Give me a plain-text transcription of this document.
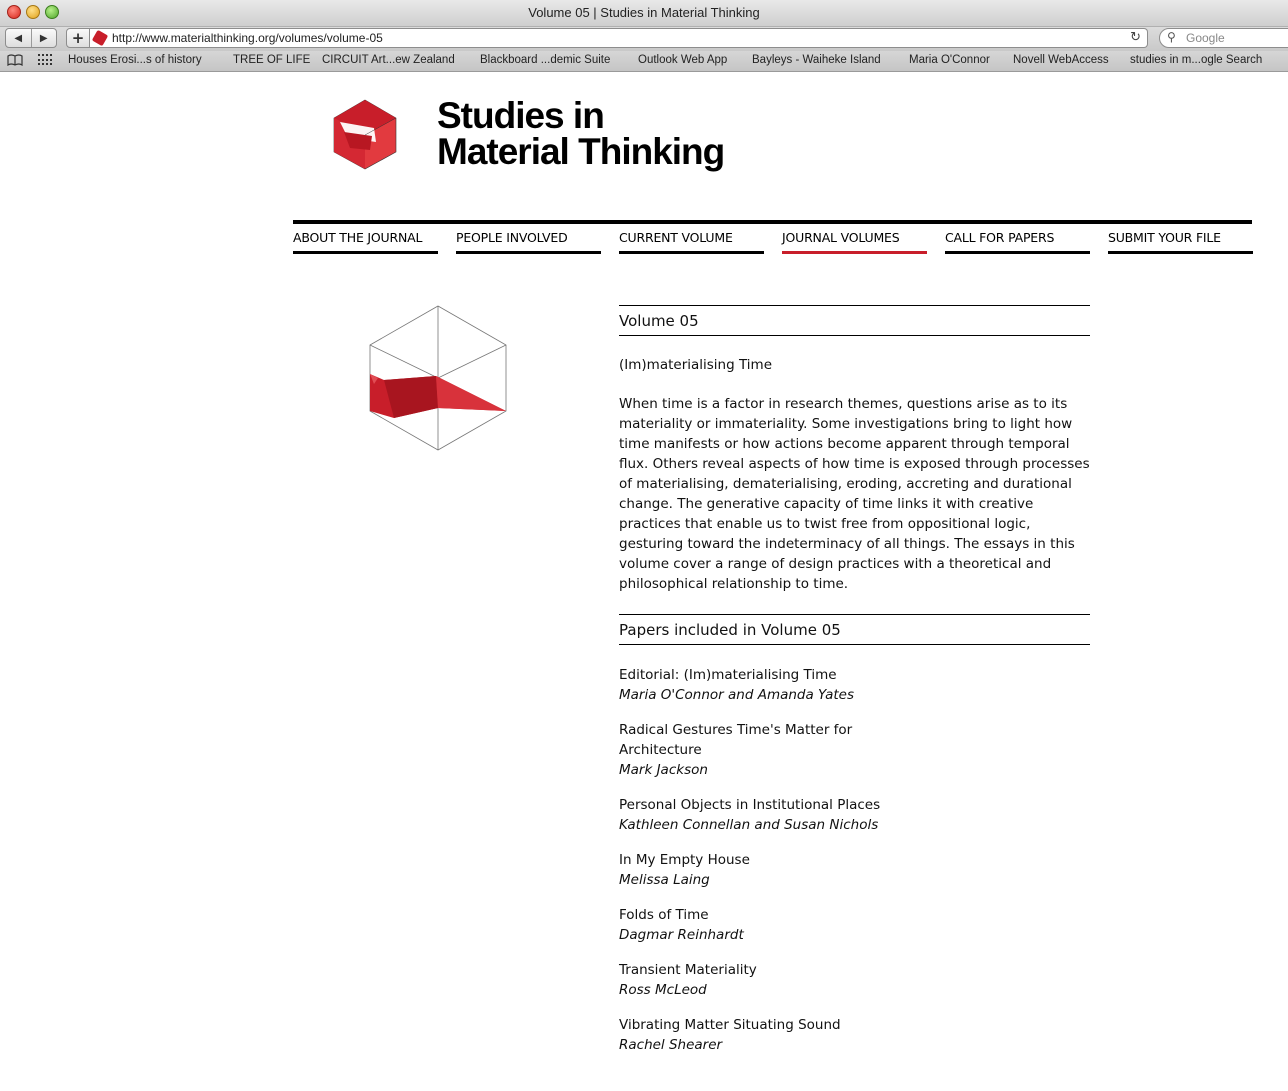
Volume 05 | Studies in Material Thinking
◀	▶	+	http://www.materialthinking.org/volumes/volume-05	↻ ⚲ Google
Houses Erosi...s of history	TREE OF LIFE CIRCUIT Art...ew Zealand Blackboard ...demic Suite Outlook Web App Bayleys - Waiheke Island Maria O'Connor Novell WebAccess studies in m...ogle Search
Studies in
Material Thinking
ABOUT THE JOURNAL	PEOPLE INVOLVED	CURRENT VOLUME	JOURNAL VOLUMES	CALL FOR PAPERS	SUBMIT YOUR FILE
Volume 05
(Im)materialising Time
When time is a factor in research themes, questions arise as to its materiality or immateriality. Some investigations bring to light how time manifests or how actions become apparent through temporal flux. Others reveal aspects of how time is exposed through processes of materialising, dematerialising, eroding, accreting and durational change. The generative capacity of time links it with creative practices that enable us to twist free from oppositional logic, gesturing toward the indeterminacy of all things. The essays in this volume cover a range of design practices with a theoretical and philosophical relationship to time.
Papers included in Volume 05
Editorial: (Im)materialising Time
Maria O'Connor and Amanda Yates
Radical Gestures Time's Matter for Architecture
Mark Jackson
Personal Objects in Institutional Places
Kathleen Connellan and Susan Nichols
In My Empty House
Melissa Laing
Folds of Time
Dagmar Reinhardt
Transient Materiality
Ross McLeod
Vibrating Matter Situating Sound
Rachel Shearer
